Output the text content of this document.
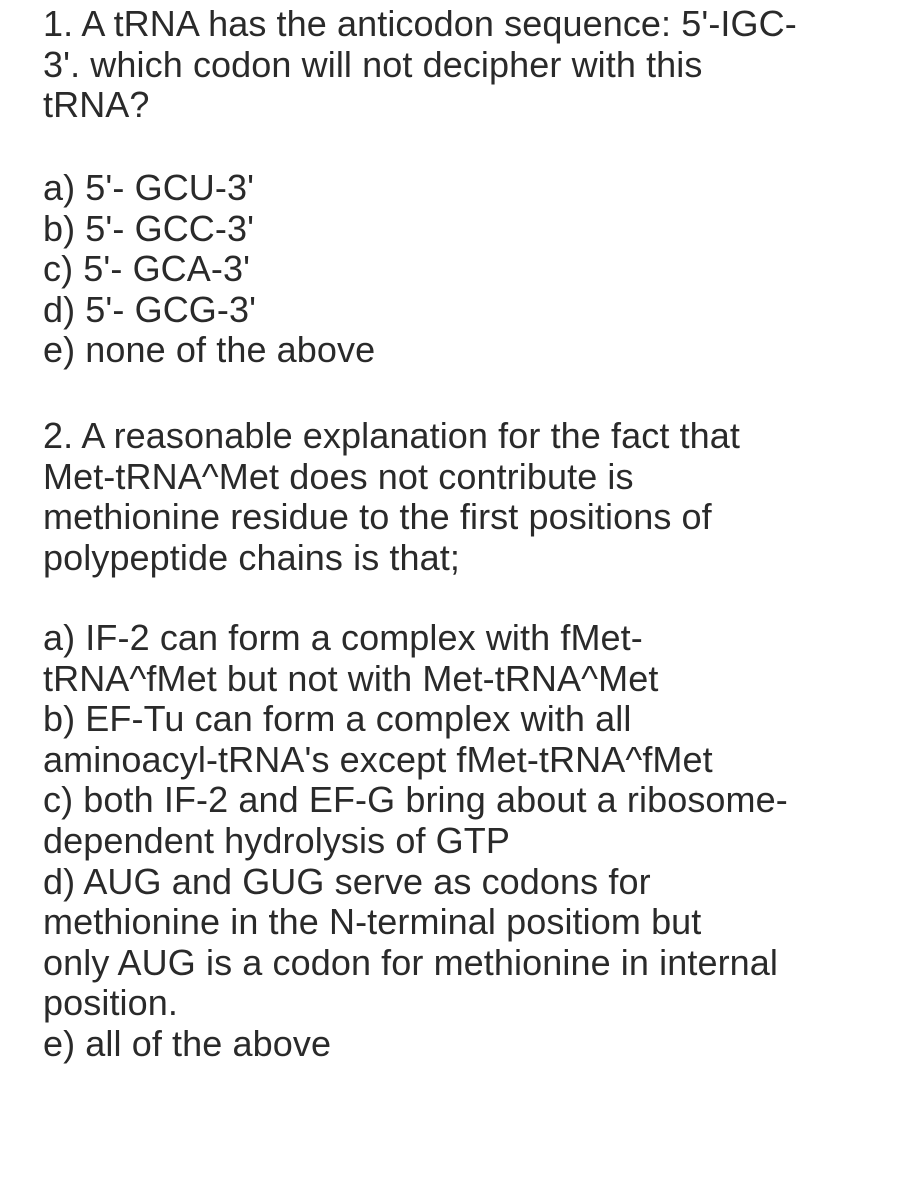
1. A tRNA has the anticodon sequence: 5'-IGC-
3'. which codon will not decipher with this
tRNA?
a) 5'- GCU-3'
b) 5'- GCC-3'
c) 5'- GCA-3'
d) 5'- GCG-3'
e) none of the above
2. A reasonable explanation for the fact that
Met-tRNA^Met does not contribute is
methionine residue to the first positions of
polypeptide chains is that;
a) IF-2 can form a complex with fMet-
tRNA^fMet but not with Met-tRNA^Met
b) EF-Tu can form a complex with all
aminoacyl-tRNA's except fMet-tRNA^fMet
c) both IF-2 and EF-G bring about a ribosome-
dependent hydrolysis of GTP
d) AUG and GUG serve as codons for
methionine in the N-terminal positiom but
only AUG is a codon for methionine in internal
position.
e) all of the above
